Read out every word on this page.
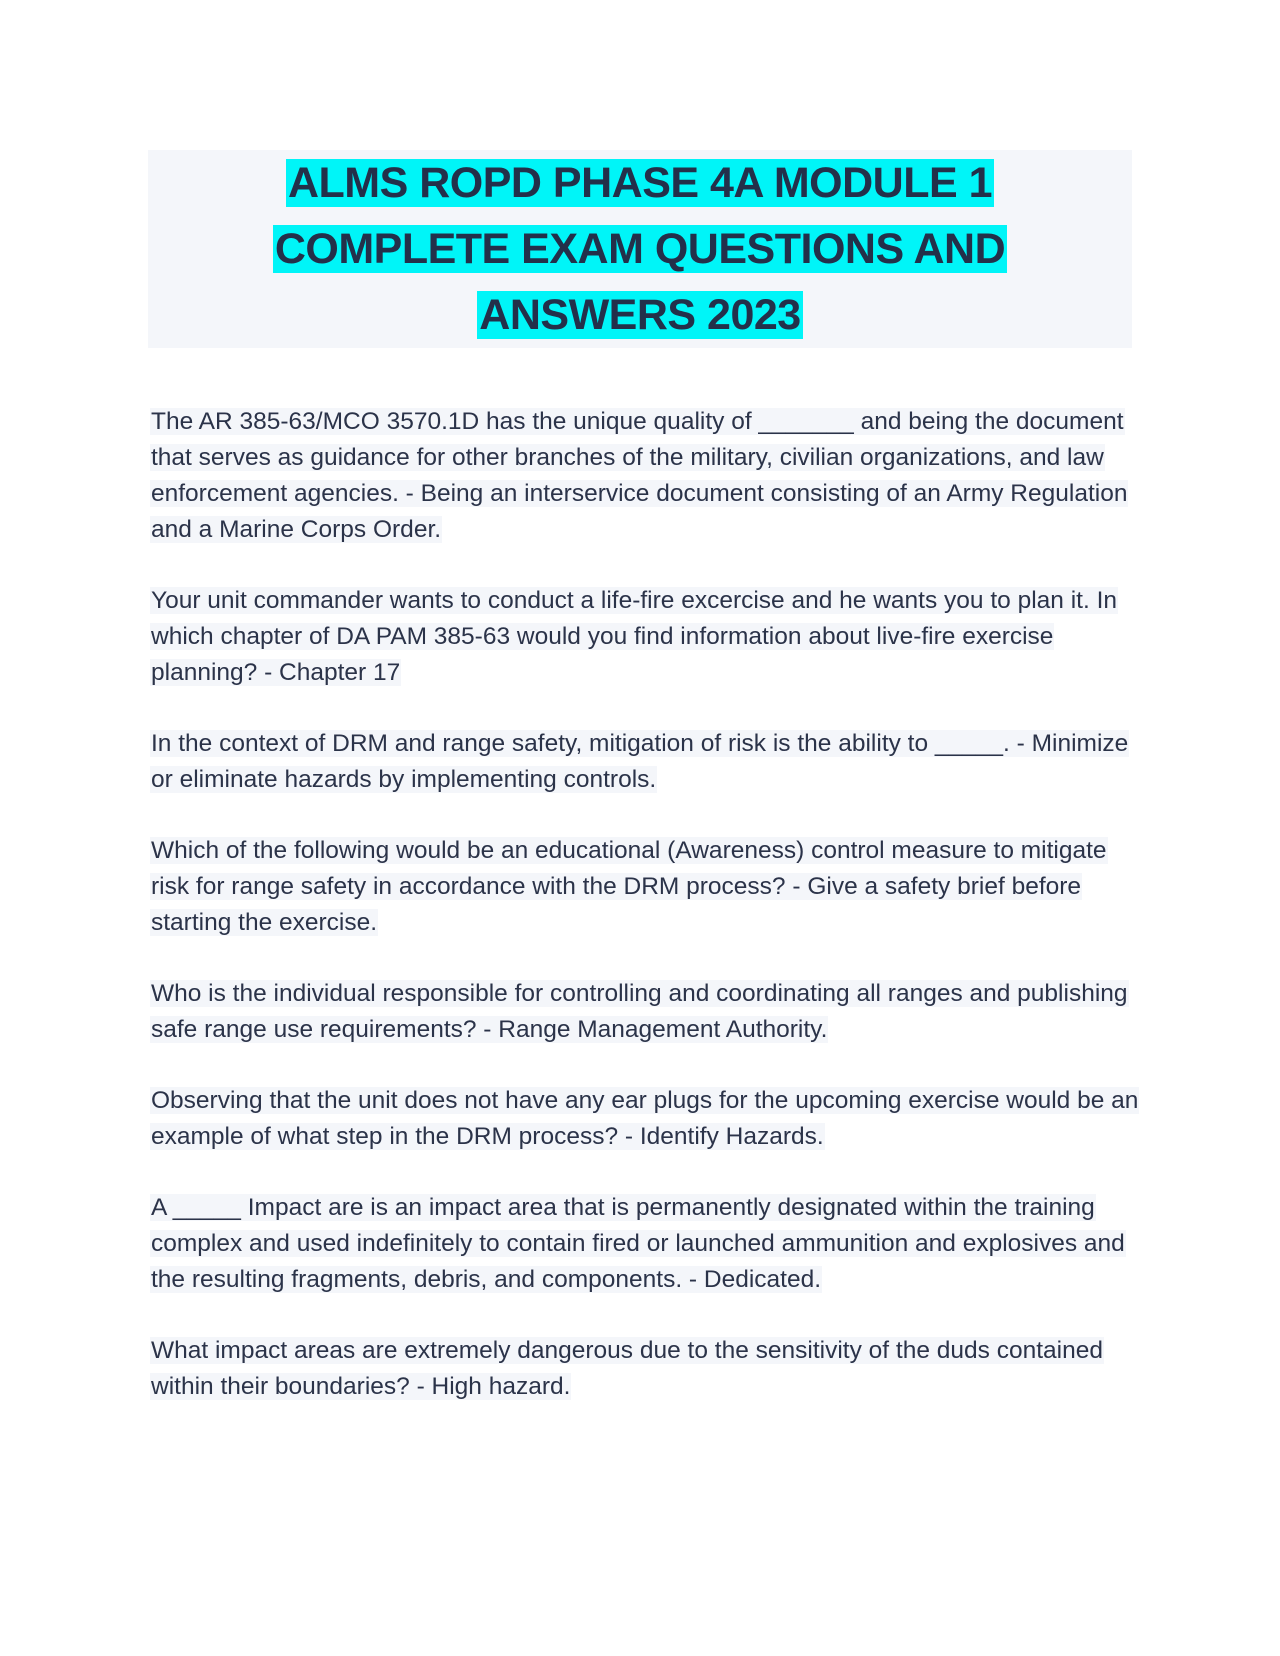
ALMS ROPD PHASE 4A MODULE 1 COMPLETE EXAM QUESTIONS AND ANSWERS 2023

The AR 385-63/MCO 3570.1D has the unique quality of _______ and being the document that serves as guidance for other branches of the military, civilian organizations, and law enforcement agencies. - Being an interservice document consisting of an Army Regulation and a Marine Corps Order.

Your unit commander wants to conduct a life-fire excercise and he wants you to plan it. In which chapter of DA PAM 385-63 would you find information about live-fire exercise planning? - Chapter 17

In the context of DRM and range safety, mitigation of risk is the ability to _____. - Minimize or eliminate hazards by implementing controls.

Which of the following would be an educational (Awareness) control measure to mitigate risk for range safety in accordance with the DRM process? - Give a safety brief before starting the exercise.

Who is the individual responsible for controlling and coordinating all ranges and publishing safe range use requirements? - Range Management Authority.

Observing that the unit does not have any ear plugs for the upcoming exercise would be an example of what step in the DRM process? - Identify Hazards.

A _____ Impact are is an impact area that is permanently designated within the training complex and used indefinitely to contain fired or launched ammunition and explosives and the resulting fragments, debris, and components. - Dedicated.

What impact areas are extremely dangerous due to the sensitivity of the duds contained within their boundaries? - High hazard.
